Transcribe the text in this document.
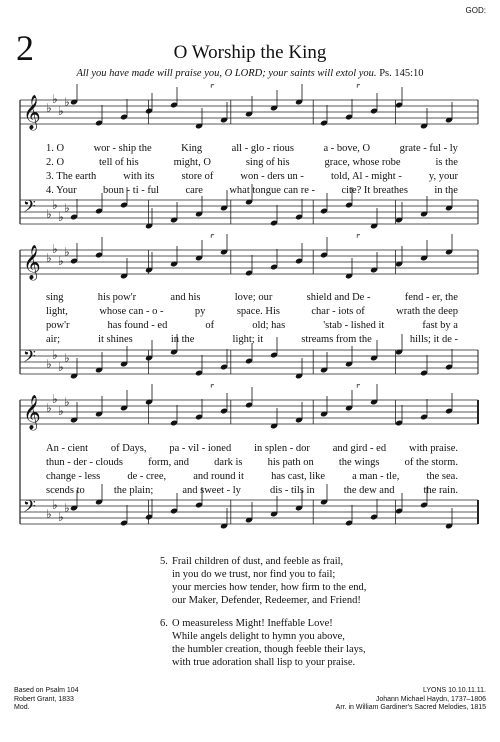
GOD:
2	O Worship the King
All you have made will praise you, O LORD; your saints will extol you. Ps. 145:10
𝄞 ♭
♭
♭
♭
𝄢 ♭
♭
♭
♭
⌜	⌜
𝄞 ♭
♭
♭
♭
𝄢 ♭
♭
♭
♭
⌜	⌜
𝄞 ♭
♭
♭
♭
𝄢 ♭
♭
♭
♭
⌜	⌜
1. O	wor - ship the	King	all - glo - rious	a - bove, O	grate - ful - ly
2. O	tell of his	might, O	sing of his	grace, whose robe	is the
3. The earth	with its	store of	won - ders un -	told, Al - might -	y, your
4. Your	boun - ti - ful	care	what tongue can re -	cite? It breathes	in the
sing	his pow'r	and his	love; our	shield and De -	fend - er, the
light,	whose can - o -	py	space. His	char - iots of	wrath the deep
pow'r	has found - ed	of	old; has	'stab - lished it	fast by a
air;	it shines	in the	light; it	streams from the	hills; it de -
An - cient of Days, pa - vil - ioned in splen - dor and gird - ed with praise.
thun - der - clouds form, and dark is his path on the wings of the storm.
change - less	de - cree,	and round it	has cast, like	a man - tle,	the sea.
scends to	the plain;	and sweet - ly	dis - tils in	the dew and	the rain.
5. Frail children of dust, and feeble as frail,
in you do we trust, nor find you to fail;
your mercies how tender, how firm to the end,
our Maker, Defender, Redeemer, and Friend!
6. O measureless Might! Ineffable Love!
While angels delight to hymn you above,
the humbler creation, though feeble their lays,
with true adoration shall lisp to your praise.
Based on Psalm 104
Robert Grant, 1833
Mod.
LYONS 10.10.11.11.
Johann Michael Haydn, 1737–1806
Arr. in William Gardiner's Sacred Melodies, 1815
